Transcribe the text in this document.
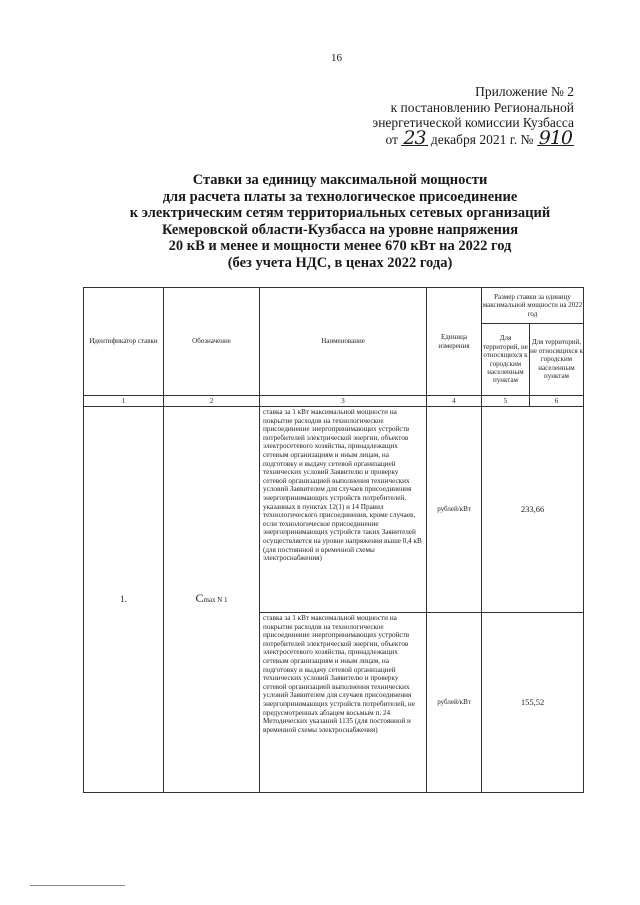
16
Приложение № 2
к постановлению Региональной
энергетической комиссии Кузбасса
от 23 декабря 2021 г. № 910
Ставки за единицу максимальной мощности
для расчета платы за технологическое присоединение
к электрическим сетям территориальных сетевых организаций
Кемеровской области-Кузбасса на уровне напряжения
20 кВ и менее и мощности менее 670 кВт на 2022 год
(без учета НДС, в ценах 2022 года)
Идентификатор ставки	Обозначение	Наименование	Единица измерения	Размер ставки за единицу максимальной мощности на 2022 год	
				Для территорий, не относящихся к городским населенным пунктам	Для территорий, не относящихся к городским населенным пунктам
1	2	3	4	5	6
1.	Cmax N 1	ставка за 1 кВт максимальной мощности на покрытие расходов на технологическое присоединение энергопринимающих устройств потребителей электрической энергии, объектов электросетевого хозяйства, принадлежащих сетевым организациям и иным лицам, на подготовку и выдачу сетевой организацией технических условий Заявителю и проверку сетевой организацией выполнения технических условий Заявителем для случаев присоединения энергопринимающих устройств потребителей, указанных в пунктах 12(1) и 14 Правил технологического присоединения, кроме случаев, если технологическое присоединение энергопринимающих устройств таких Заявителей осуществляется на уровне напряжения выше 0,4 кВ (для постоянной и временной схемы электроснабжения)	рублей/кВт	233,66	
		ставка за 1 кВт максимальной мощности на покрытие расходов на технологическое присоединение энергопринимающих устройств потребителей электрической энергии, объектов электросетевого хозяйства, принадлежащих сетевым организациям и иным лицам, на подготовку и выдачу сетевой организацией технических условий Заявителю и проверку сетевой организацией выполнения технических условий Заявителем для случаев присоединения энергопринимающих устройств потребителей, не предусмотренных абзацем восьмым п. 24 Методических указаний 1135 (для постоянной и временной схемы электроснабжения)	рублей/кВт	155,52	
